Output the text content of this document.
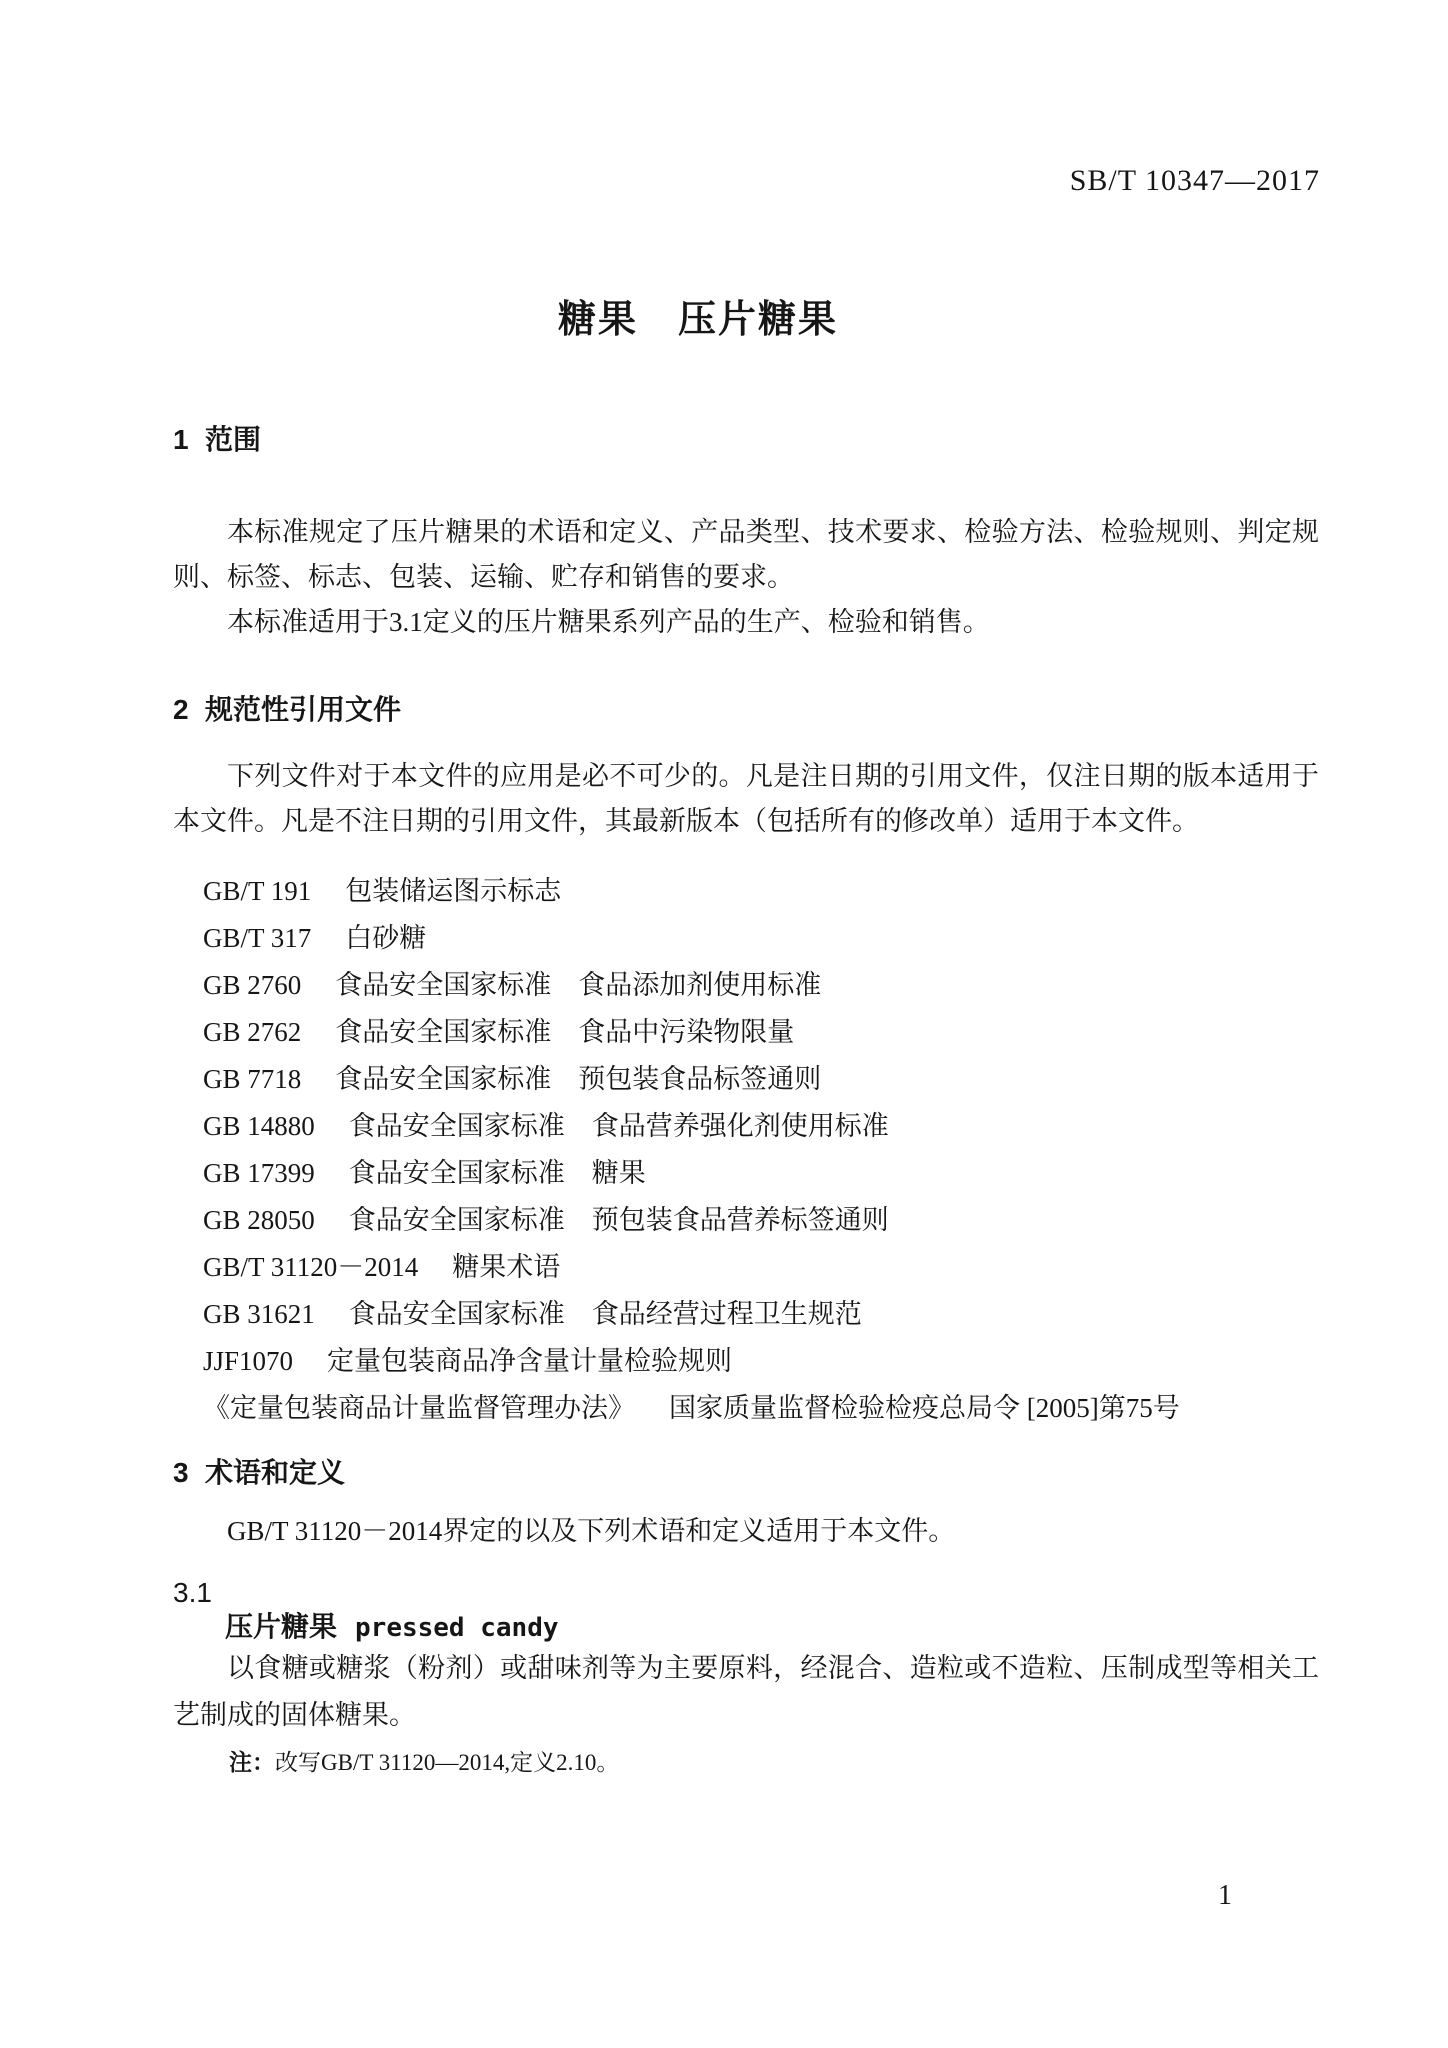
SB/T 10347—2017
糖果　压片糖果
1 范围

本标准规定了压片糖果的术语和定义、产品类型、技术要求、检验方法、检验规则、判定规则、标签、标志、包装、运输、贮存和销售的要求。

本标准适用于3.1定义的压片糖果系列产品的生产、检验和销售。

2 规范性引用文件

下列文件对于本文件的应用是必不可少的。凡是注日期的引用文件，仅注日期的版本适用于本文件。凡是不注日期的引用文件，其最新版本（包括所有的修改单）适用于本文件。

GB/T 191 包装储运图示标志
GB/T 317 白砂糖
GB 2760 食品安全国家标准　食品添加剂使用标准
GB 2762 食品安全国家标准　食品中污染物限量
GB 7718 食品安全国家标准　预包装食品标签通则
GB 14880 食品安全国家标准　食品营养强化剂使用标准
GB 17399 食品安全国家标准　糖果
GB 28050 食品安全国家标准　预包装食品营养标签通则
GB/T 31120－2014 糖果术语
GB 31621 食品安全国家标准　食品经营过程卫生规范
JJF1070 定量包装商品净含量计量检验规则
《定量包装商品计量监督管理办法》 国家质量监督检验检疫总局令 [2005]第75号
3 术语和定义

GB/T 31120－2014界定的以及下列术语和定义适用于本文件。

3.1
压片糖果 pressed candy

以食糖或糖浆（粉剂）或甜味剂等为主要原料，经混合、造粒或不造粒、压制成型等相关工艺制成的固体糖果。

注：改写GB/T 31120—2014,定义2.10。
1
